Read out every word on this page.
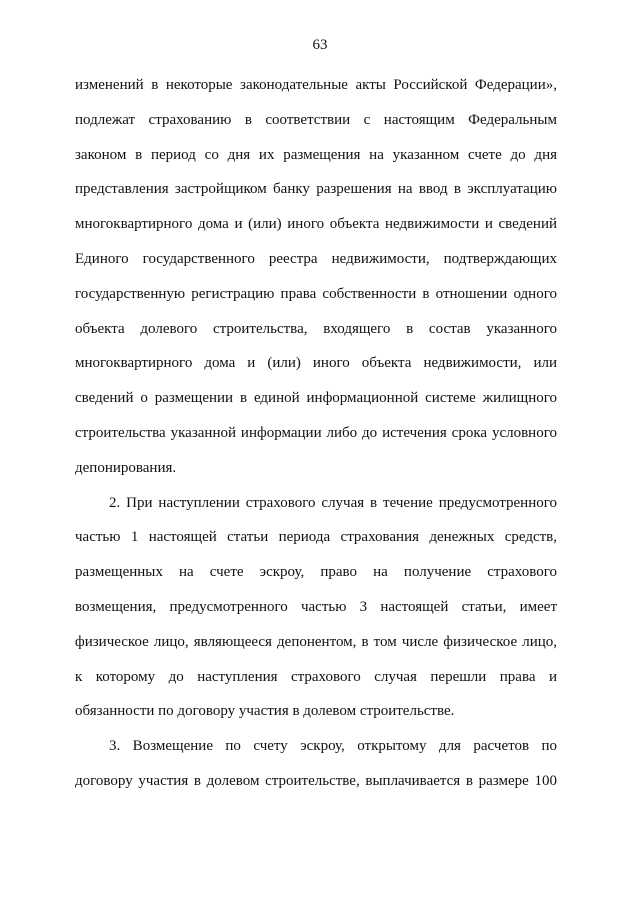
63
изменений в некоторые законодательные акты Российской Федерации»,
подлежат страхованию в соответствии с настоящим Федеральным
законом в период со дня их размещения на указанном счете до дня
представления застройщиком банку разрешения на ввод в эксплуатацию
многоквартирного дома и (или) иного объекта недвижимости и сведений
Единого государственного реестра недвижимости, подтверждающих
государственную регистрацию права собственности в отношении одного
объекта долевого строительства, входящего в состав указанного
многоквартирного дома и (или) иного объекта недвижимости, или
сведений о размещении в единой информационной системе жилищного
строительства указанной информации либо до истечения срока условного
депонирования.
2. При наступлении страхового случая в течение предусмотренного
частью 1 настоящей статьи периода страхования денежных средств,
размещенных на счете эскроу, право на получение страхового
возмещения, предусмотренного частью 3 настоящей статьи, имеет
физическое лицо, являющееся депонентом, в том числе физическое лицо,
к которому до наступления страхового случая перешли права и
обязанности по договору участия в долевом строительстве.
3. Возмещение по счету эскроу, открытому для расчетов по
договору участия в долевом строительстве, выплачивается в размере 100
